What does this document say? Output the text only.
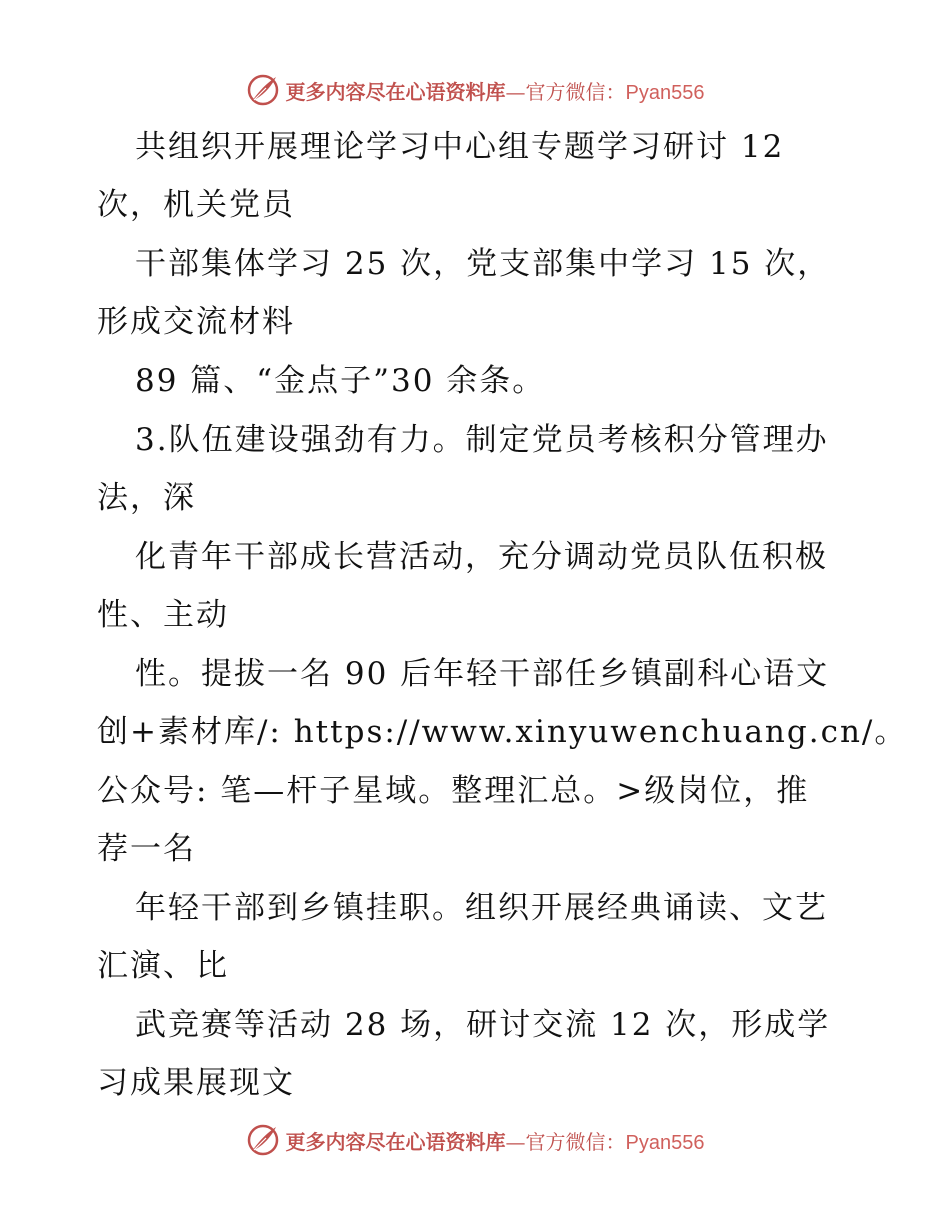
更多内容尽在心语资料库—官方微信：Pyan556
共组织开展理论学习中心组专题学习研讨 12
次，机关党员
干部集体学习 25 次，党支部集中学习 15 次，
形成交流材料
89 篇、“金点子”30 余条。
3.队伍建设强劲有力。制定党员考核积分管理办
法，深
化青年干部成长营活动，充分调动党员队伍积极
性、主动
性。提拔一名 90 后年轻干部任乡镇副科心语文
创+素材库/: https://www.xinyuwenchuang.cn/。
公众号: 笔—杆子星域。整理汇总。>级岗位，推
荐一名
年轻干部到乡镇挂职。组织开展经典诵读、文艺
汇演、比
武竞赛等活动 28 场，研讨交流 12 次，形成学
习成果展现文
更多内容尽在心语资料库—官方微信：Pyan556
